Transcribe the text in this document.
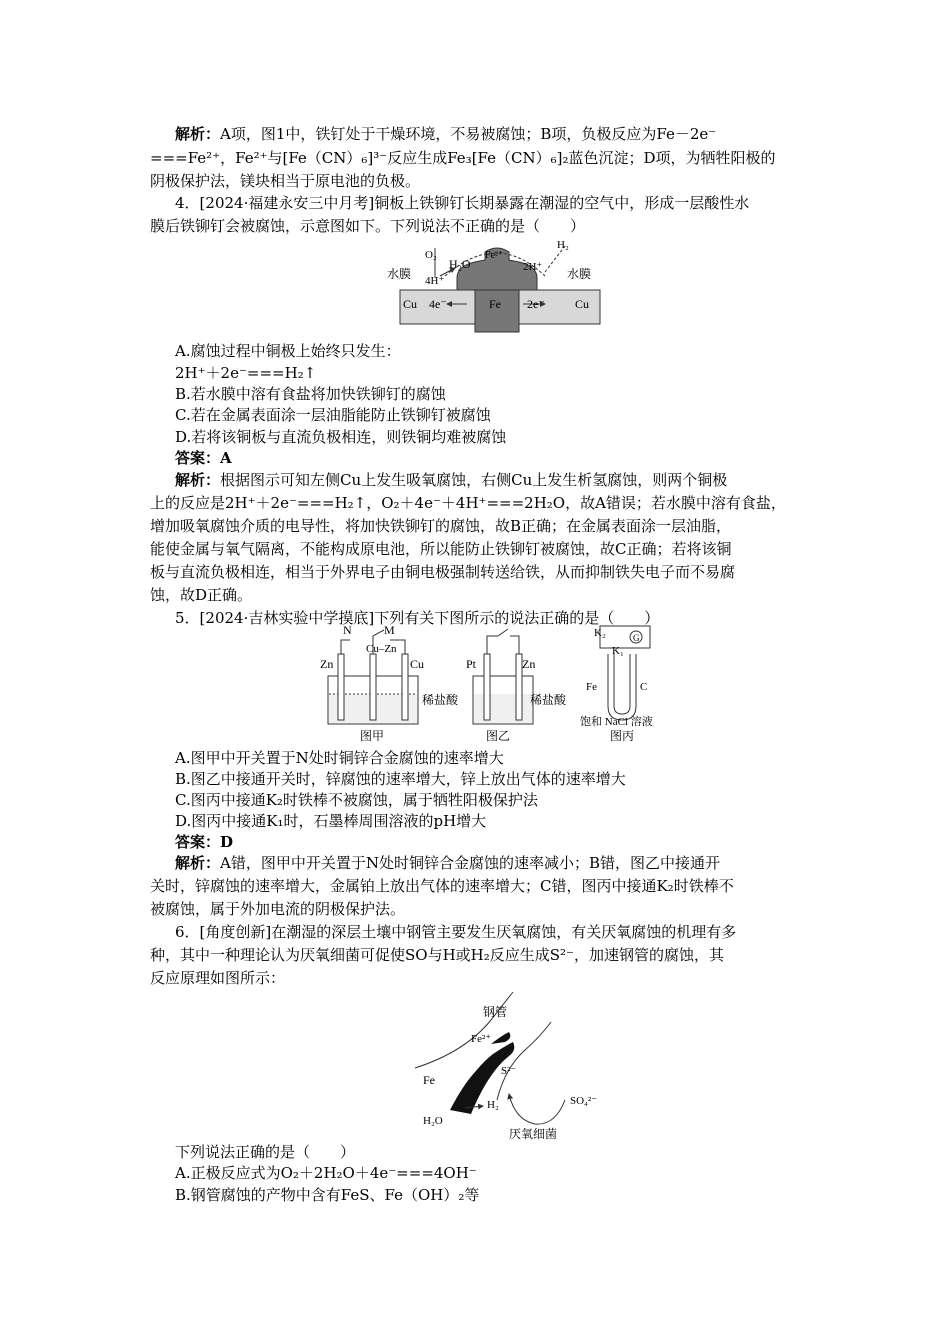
解析：A项，图1中，铁钉处于干燥环境，不易被腐蚀；B项，负极反应为Fe－2e⁻
===Fe²⁺，Fe²⁺与[Fe（CN）₆]³⁻反应生成Fe₃[Fe（CN）₆]₂蓝色沉淀；D项，为牺牲阳极的
阴极保护法，镁块相当于原电池的负极。
4．[2024·福建永安三中月考]铜板上铁铆钉长期暴露在潮湿的空气中，形成一层酸性水
膜后铁铆钉会被腐蚀，示意图如下。下列说法不正确的是（　　）
O₂
H₂O
Fe²⁺
H₂
4H⁺
2H⁺
水膜	水膜
Cu	Cu
4e⁻	Fe 2e⁻
A.腐蚀过程中铜极上始终只发生：
2H⁺＋2e⁻===H₂↑
B.若水膜中溶有食盐将加快铁铆钉的腐蚀
C.若在金属表面涂一层油脂能防止铁铆钉被腐蚀
D.若将该铜板与直流负极相连，则铁铜均难被腐蚀
答案：A
解析：根据图示可知左侧Cu上发生吸氧腐蚀，右侧Cu上发生析氢腐蚀，则两个铜极
上的反应是2H⁺＋2e⁻===H₂↑，O₂＋4e⁻＋4H⁺===2H₂O，故A错误；若水膜中溶有食盐，
增加吸氧腐蚀介质的电导性，将加快铁铆钉的腐蚀，故B正确；在金属表面涂一层油脂，
能使金属与氧气隔离，不能构成原电池，所以能防止铁铆钉被腐蚀，故C正确；若将该铜
板与直流负极相连，相当于外界电子由铜电极强制转送给铁，从而抑制铁失电子而不易腐
蚀，故D正确。
5．[2024·吉林实验中学摸底]下列有关下图所示的说法正确的是（　　）
N	M
Zn
Cu–Zn
Cu
稀盐酸
图甲
Pt	Zn
稀盐酸
图乙
G
K₂
K₁
Fe	C
饱和 NaCl 溶液
图丙
A.图甲中开关置于N处时铜锌合金腐蚀的速率增大
B.图乙中接通开关时，锌腐蚀的速率增大，锌上放出气体的速率增大
C.图丙中接通K₂时铁棒不被腐蚀，属于牺牲阳极保护法
D.图丙中接通K₁时，石墨棒周围溶液的pH增大
答案：D
解析：A错，图甲中开关置于N处时铜锌合金腐蚀的速率减小；B错，图乙中接通开
关时，锌腐蚀的速率增大，金属铂上放出气体的速率增大；C错，图丙中接通K₂时铁棒不
被腐蚀，属于外加电流的阴极保护法。
6．[角度创新]在潮湿的深层土壤中钢管主要发生厌氧腐蚀，有关厌氧腐蚀的机理有多
种，其中一种理论认为厌氧细菌可促使SO与H或H₂反应生成S²⁻，加速钢管的腐蚀，其
反应原理如图所示：
钢管
Fe²⁺
Fe
S²⁻
SO₄²⁻
H₂
H₂O
厌氧细菌
下列说法正确的是（　　）
A.正极反应式为O₂＋2H₂O＋4e⁻===4OH⁻
B.钢管腐蚀的产物中含有FeS、Fe（OH）₂等
